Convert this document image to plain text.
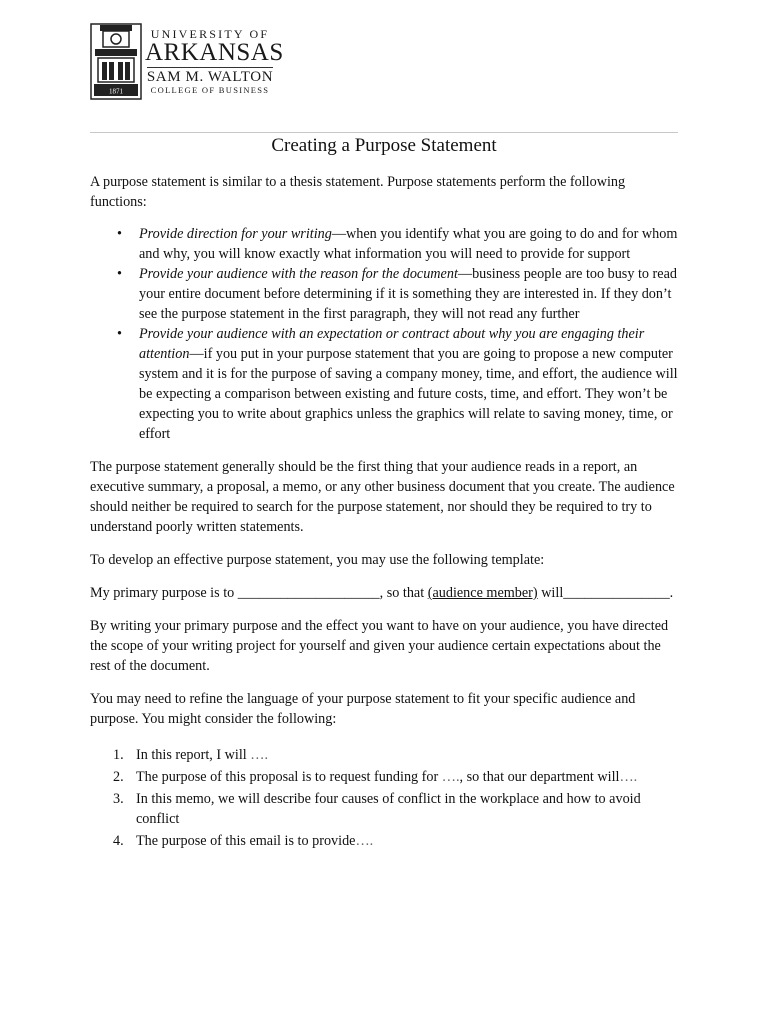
1871
UNIVERSITY OF
ARKANSAS
SAM M. WALTON
COLLEGE OF BUSINESS
Creating a Purpose Statement

A purpose statement is similar to a thesis statement. Purpose statements perform the following functions:

• Provide direction for your writing—when you identify what you are going to do and for whom and why, you will know exactly what information you will need to provide for support
• Provide your audience with the reason for the document—business people are too busy to read your entire document before determining if it is something they are interested in. If they don’t see the purpose statement in the first paragraph, they will not read any further
• Provide your audience with an expectation or contract about why you are engaging their attention—if you put in your purpose statement that you are going to propose a new computer system and it is for the purpose of saving a company money, time, and effort, the audience will be expecting a comparison between existing and future costs, time, and effort. They won’t be expecting you to write about graphics unless the graphics will relate to saving money, time, or effort

The purpose statement generally should be the first thing that your audience reads in a report, an executive summary, a proposal, a memo, or any other business document that you create. The audience should neither be required to search for the purpose statement, nor should they be required to try to understand poorly written statements.

To develop an effective purpose statement, you may use the following template:

My primary purpose is to ____________________, so that (audience member) will_______________.

By writing your primary purpose and the effect you want to have on your audience, you have directed the scope of your writing project for yourself and given your audience certain expectations about the rest of the document.

You may need to refine the language of your purpose statement to fit your specific audience and purpose. You might consider the following:

1. In this report, I will ….
2. The purpose of this proposal is to request funding for …., so that our department will….
3. In this memo, we will describe four causes of conflict in the workplace and how to avoid conflict
4. The purpose of this email is to provide….
